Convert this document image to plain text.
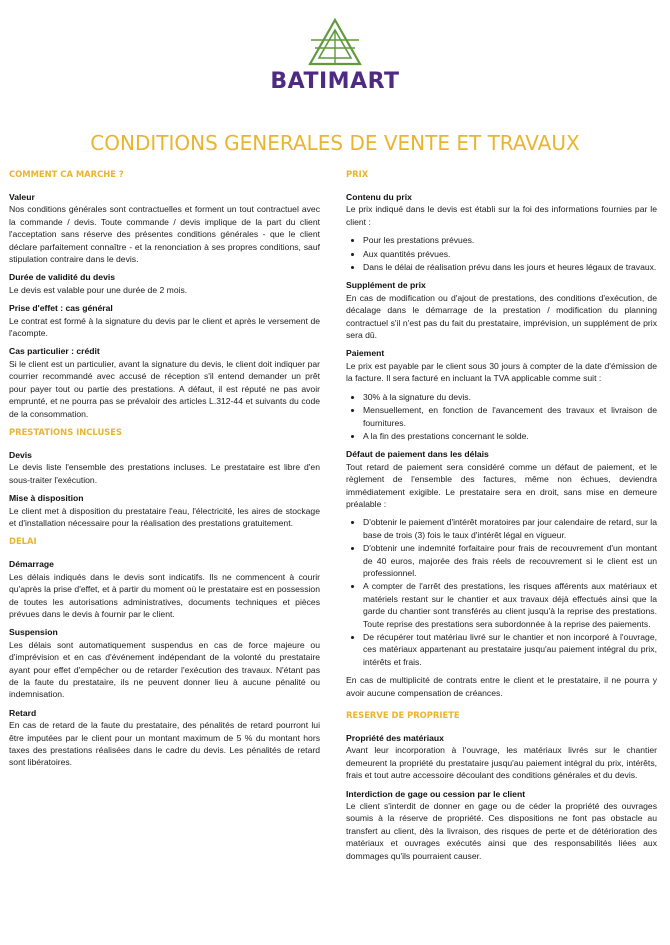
BATIMART
CONDITIONS GENERALES DE VENTE ET TRAVAUX
COMMENT CA MARCHE ?
Valeur
Nos conditions générales sont contractuelles et forment un tout contractuel avec la commande / devis. Toute commande / devis implique de la part du client l'acceptation sans réserve des présentes conditions générales - que le client déclare parfaitement connaître - et la renonciation à ses propres conditions, sauf stipulation contraire dans le devis.
Durée de validité du devis
Le devis est valable pour une durée de 2 mois.
Prise d'effet : cas général
Le contrat est formé à la signature du devis par le client et après le versement de l'acompte.
Cas particulier : crédit
Si le client est un particulier, avant la signature du devis, le client doit indiquer par courrier recommandé avec accusé de réception s'il entend demander un prêt pour payer tout ou partie des prestations. A défaut, il est réputé ne pas avoir emprunté, et ne pourra pas se prévaloir des articles L.312-44 et suivants du code de la consommation.
PRESTATIONS INCLUSES
Devis
Le devis liste l'ensemble des prestations incluses. Le prestataire est libre d'en sous-traiter l'exécution.
Mise à disposition
Le client met à disposition du prestataire l'eau, l'électricité, les aires de stockage et d'installation nécessaire pour la réalisation des prestations gratuitement.
DELAI
Démarrage
Les délais indiqués dans le devis sont indicatifs. Ils ne commencent à courir qu'après la prise d'effet, et à partir du moment où le prestataire est en possession de toutes les autorisations administratives, documents techniques et pièces prévues dans le devis à fournir par le client.
Suspension
Les délais sont automatiquement suspendus en cas de force majeure ou d'imprévision et en cas d'événement indépendant de la volonté du prestataire ayant pour effet d'empêcher ou de retarder l'exécution des travaux. N'étant pas de la faute du prestataire, ils ne peuvent donner lieu à aucune pénalité ou indemnisation.
Retard
En cas de retard de la faute du prestataire, des pénalités de retard pourront lui être imputées par le client pour un montant maximum de 5 % du montant hors taxes des prestations réalisées dans le cadre du devis. Les pénalités de retard sont libératoires.
PRIX
Contenu du prix
Le prix indiqué dans le devis est établi sur la foi des informations fournies par le client :
• Pour les prestations prévues.
• Aux quantités prévues.
• Dans le délai de réalisation prévu dans les jours et heures légaux de travaux.
Supplément de prix
En cas de modification ou d'ajout de prestations, des conditions d'exécution, de décalage dans le démarrage de la prestation / modification du planning contractuel s'il n'est pas du fait du prestataire, imprévision, un supplément de prix sera dû.
Paiement
Le prix est payable par le client sous 30 jours à compter de la date d'émission de la facture. Il sera facturé en incluant la TVA applicable comme suit :
• 30% à la signature du devis.
• Mensuellement, en fonction de l'avancement des travaux et livraison de fournitures.
• A la fin des prestations concernant le solde.
Défaut de paiement dans les délais
Tout retard de paiement sera considéré comme un défaut de paiement, et le règlement de l'ensemble des factures, même non échues, deviendra immédiatement exigible. Le prestataire sera en droit, sans mise en demeure préalable :
• D'obtenir le paiement d'intérêt moratoires par jour calendaire de retard, sur la base de trois (3) fois le taux d'intérêt légal en vigueur.
• D'obtenir une indemnité forfaitaire pour frais de recouvrement d'un montant de 40 euros, majorée des frais réels de recouvrement si le client est un professionnel.
• A compter de l'arrêt des prestations, les risques afférents aux matériaux et matériels restant sur le chantier et aux travaux déjà effectués ainsi que la garde du chantier sont transférés au client jusqu'à la reprise des prestations. Toute reprise des prestations sera subordonnée à la reprise des paiements.
• De récupérer tout matériau livré sur le chantier et non incorporé à l'ouvrage, ces matériaux appartenant au prestataire jusqu'au paiement intégral du prix, intérêts et frais.
En cas de multiplicité de contrats entre le client et le prestataire, il ne pourra y avoir aucune compensation de créances.
RESERVE DE PROPRIETE
Propriété des matériaux
Avant leur incorporation à l'ouvrage, les matériaux livrés sur le chantier demeurent la propriété du prestataire jusqu'au paiement intégral du prix, intérêts, frais et tout autre accessoire découlant des conditions générales et du devis.
Interdiction de gage ou cession par le client
Le client s'interdit de donner en gage ou de céder la propriété des ouvrages soumis à la réserve de propriété. Ces dispositions ne font pas obstacle au transfert au client, dès la livraison, des risques de perte et de détérioration des matériaux et ouvrages exécutés ainsi que des responsabilités liées aux dommages qu'ils pourraient causer.
